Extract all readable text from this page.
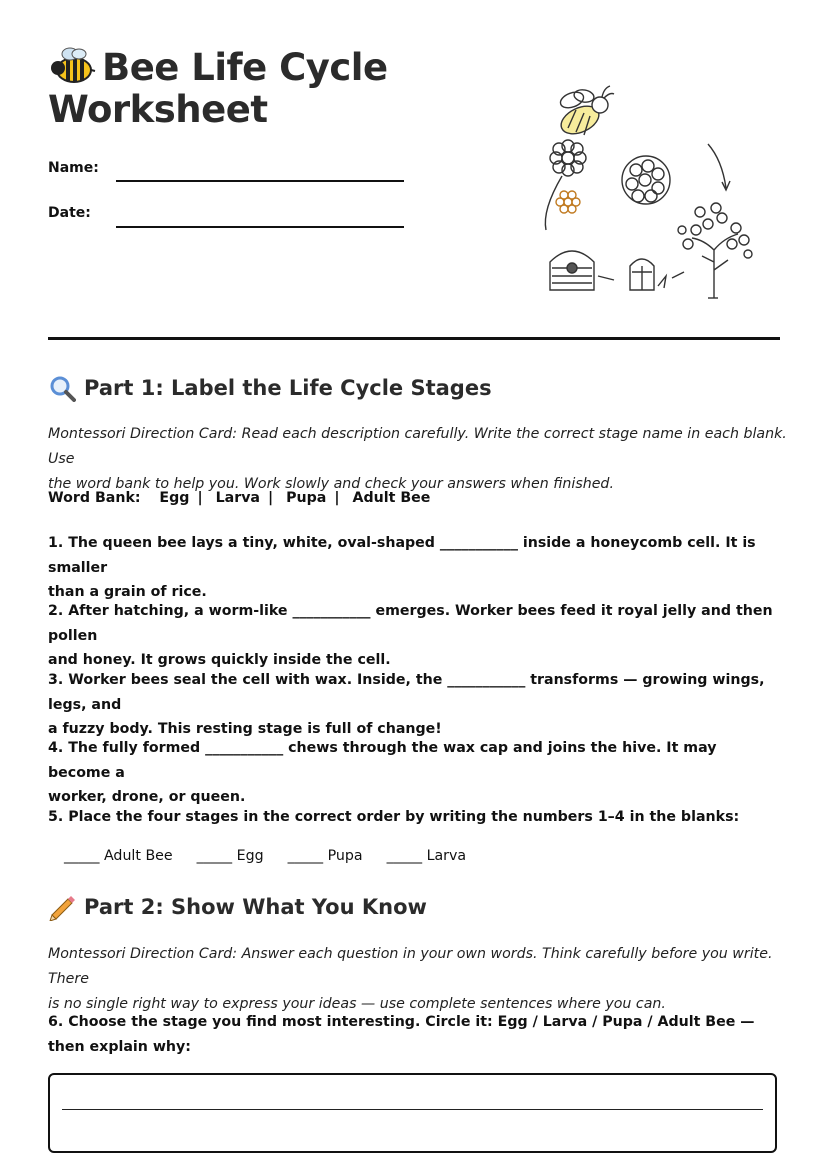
Bee Life Cycle Worksheet
Name:
Date:
Part 1: Label the Life Cycle Stages
Montessori Direction Card: Read each description carefully. Write the correct stage name in each blank. Use
the word bank to help you. Work slowly and check your answers when finished.
Word Bank: Egg | Larva | Pupa | Adult Bee
1. The queen bee lays a tiny, white, oval-shaped ___________ inside a honeycomb cell. It is smaller
than a grain of rice.
2. After hatching, a worm-like ___________ emerges. Worker bees feed it royal jelly and then pollen
and honey. It grows quickly inside the cell.
3. Worker bees seal the cell with wax. Inside, the ___________ transforms — growing wings, legs, and
a fuzzy body. This resting stage is full of change!
4. The fully formed ___________ chews through the wax cap and joins the hive. It may become a
worker, drone, or queen.
5. Place the four stages in the correct order by writing the numbers 1–4 in the blanks:
_____ Adult Bee _____ Egg _____ Pupa _____ Larva
Part 2: Show What You Know
Montessori Direction Card: Answer each question in your own words. Think carefully before you write. There
is no single right way to express your ideas — use complete sentences where you can.
6. Choose the stage you find most interesting. Circle it: Egg / Larva / Pupa / Adult Bee —
then explain why:
